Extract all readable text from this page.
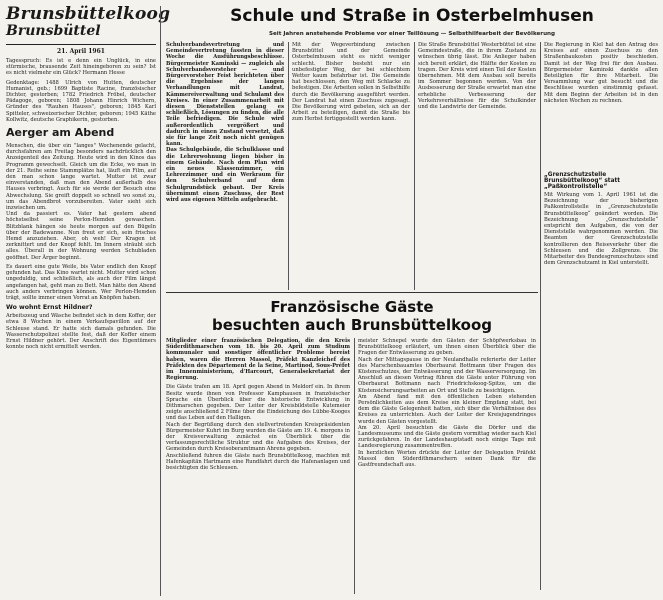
Brunsbüttelkoog
Brunsbüttel
21. April 1961

Tagesspruch: Es ist e denn ein Unglück, in eine stürmische, brausende Zeit hineingeboren zu sein? Ist es nicht vielmehr ein Glück? Hermann Hesse

Gedenktage: 1488 Ulrich von Hutten, deutscher Humanist, geb.; 1699 Baptiste Racine, französischer Dichter, gestorben; 1782 Friedrich Fröbel, deutscher Pädagoge, geboren; 1808 Johann Hinrich Wichern, Gründer des "Rauhen Hauses", geboren; 1845 Karl Spitteler, schweizerischer Dichter, geboren; 1945 Käthe Kollwitz, deutsche Graphikerin, gestorben.

Aerger am Abend

Menschen, die über ein "langes" Wochenende gelacht, durchsfahren am Freitag besonders nachdrücklich den Anzeigenteil des Zeitung. Heute wird in den Kinos das Programm gewechselt. Gleich um die Ecke, wo man in der 21. Reihe seine Stammplätze hat, läuft ein Film, auf den man schon lange wartet. Mutter ist zwar einverstanden, daß man den Abend außerhalb des Hauses verbringt. Auch für sie werde der Besuch eine Abwechslung. Sie greift doppelt so schnell wo sonst zu, um das Abendbrot vorzubereiten. Vater sieht sich inzwischen um.
Und da passiert es. Vater hat gestern abend höchstselbst seine Perlon-Hemden gewaschen. Blitzblank hängen sie heute morgen auf den Bügeln über der Badewanne. Nun freut er sich, sein frisches Hemd anzuziehen. Aber, oh weh! Der Kragen ist zerknittert und der Knopf fehlt. Im Innern sträubt sich alles. Überall in der Wohnung werden Schubladen geöffnet. Der Ärger beginnt.

Es dauert eine gute Weile, bis Vater endlich den Knopf gefunden hat. Das Kino wartet nicht. Mutter wird schon ungeduldig, und schließlich, als auch der Film längst angefangen hat, geht man zu Bett. Man hätte den Abend auch anders verbringen können. Wer Perlon-Hemden trägt, sollte immer einen Vorrat an Knöpfen haben.

Wo wohnt Ernst Hildner?

Arbeitszeug und Wäsche befindet sich in dem Koffer, der etwa 8 Wochen in einem Verkaufspavillon auf der Schleuse stand. Er hatte sich damals gefunden. Die Wasserschutzpolizei stellte fest, daß der Koffer einem Ernst Hildner gehört. Der Anschrift des Eigentümers konnte noch nicht ermittelt werden.

Schule und Straße in Osterbelmhusen
Seit Jahren anstehende Probleme vor einer Teillösung — Selbsthilfearbeit der Bevölkerung

Schulverbandsvertretung und Gemeindevertretung fassten in dieser Woche die Ausführungsbeschlüsse. Bürgermeister Kaminski — zugleich als Schulverbandsvorsteher — und Bürgervorsteher Feist berichteten über die Ergebnisse der langen Verhandlungen mit Landrat, Kämmereiverwaltung und Schulamt des Kreises. In einer Zusammenarbeit mit diesen Dienststellen gelang es schließlich, Lösungen zu finden, die alle Teile befriedigen. Die Schule wird außerordentlich vergrößert und dadurch in einen Zustand versetzt, daß sie für lange Zeit noch nicht genügen kann.
Das Schulgebäude, die Schulklasse und die Lehrerwohnung liegen bisher in einem Gebäude. Nach dem Plan wird ein neues Klassenzimmer, ein Lehrerzimmer und ein Werkraum für den Schulverband auf dem Schulgrundstück gebaut. Der Kreis übernimmt einen Zuschuss, der Rest wird aus eigenen Mitteln aufgebracht.

Mit der Wegeverbindung zwischen Brunsbüttel und der Gemeinde Osterbelmhusen steht es nicht weniger schlecht. Bisher besteht nur ein unbefestigter Weg, der bei schlechtem Wetter kaum befahrbar ist. Die Gemeinde hat beschlossen, den Weg mit Schlacke zu befestigen. Die Arbeiten sollen in Selbsthilfe durch die Bevölkerung ausgeführt werden. Der Landrat hat einen Zuschuss zugesagt. Die Bevölkerung wird gebeten, sich an der Arbeit zu beteiligen, damit die Straße bis zum Herbst fertiggestellt werden kann.

Die Straße Brunsbüttel Westerbüttel ist eine Gemeindestraße, die in ihrem Zustand zu wünschen übrig lässt. Die Anlieger haben sich bereit erklärt, die Hälfte der Kosten zu tragen. Der Kreis wird einen Teil der Kosten übernehmen. Mit dem Ausbau soll bereits im Sommer begonnen werden. Von der Ausbesserung der Straße erwartet man eine erhebliche Verbesserung der Verkehrsverhältnisse für die Schulkinder und die Landwirte der Gemeinde.

Die Regierung in Kiel hat den Antrag des Kreises auf einen Zuschuss zu den Straßenbaukosten positiv beschieden. Damit ist der Weg frei für den Ausbau. Bürgermeister Kaminski dankte allen Beteiligten für ihre Mitarbeit. Die Versammlung war gut besucht und die Beschlüsse wurden einstimmig gefasst. Mit dem Beginn der Arbeiten ist in den nächsten Wochen zu rechnen.

„Grenzschutzstelle Brunsbüttelkoog“ statt „Paßkontrollstelle“

Mit Wirkung vom 1. April 1961 ist die Bezeichnung der bisherigen Paßkontrollstelle in „Grenzschutzstelle Brunsbüttelkoog“ geändert worden. Die Bezeichnung „Grenzschutzstelle“ entspricht den Aufgaben, die von der Dienststelle wahrgenommen werden. Die Beamten der Grenzschutzstelle kontrollieren den Reiseverkehr über die Schleusen und die Zollgrenze. Die Mitarbeiter des Bundesgrenzschutzes sind dem Grenzschutzamt in Kiel unterstellt.

Französische Gäste
besuchten auch Brunsbüttelkoog

Mitglieder einer französischen Delegation, die den Kreis Süderdithmarschen vom 18. bis 20. April zum Studium kommunaler und sonstiger öffentlicher Probleme bereist haben, waren die Herren Massol, Präfekt Kanzleichef des Präfekten des Département de la Seine, Martinod, Sous-Préfet im Innenministerium, d'Harcourt, Generalsekretariat der Regierung.

Die Gäste trafen am 18. April gegen Abend in Meldorf ein. In ihrem Besitz wurde ihnen von Professor Kamphausen in französischer Sprache ein Überblick über die historische Entwicklung in Dithmarschen gegeben. Der Leiter der Kreisbildstelle Kutemeier zeigte anschließend 2 Filme über die Eindeichung des Lübbe-Kooges und das Leben auf den Halligen.
Nach der Begrüßung durch den stellvertretenden Kreispräsidenten Bürgermeister Kuhrt im Burg wurden die Gäste am 19. 4. morgens in der Kreisverwaltung zunächst ein Überblick über die verfassungsrechtliche Struktur und die Aufgaben des Kreises, der Gemeinden durch Kreisoberamtmann Ahrens gegeben.
Anschließend fuhren die Gäste nach Brunsbüttelkoog, machten mit Hafenkapitän Hartmann eine Rundfahrt durch die Hafenanlagen und besichtigten die Schleusen.

meister Schnepel wurde den Gästen der Schöpfwerksbau in Brunsbüttelkoog erläutert, um ihnen einen Überblick über die Fragen der Entwässerung zu geben.
Nach der Mittagspause in der Neulandhalle referierte der Leiter des Marschenbauamtes Oberbaurat Bottmann über Fragen des Küstenschutzes, der Entwässerung und der Wasserversorgung. Im Anschluß an diesen Vortrag führen die Gäste unter Führung von Oberbaurat Bottmann nach Friedrichskoog-Spitze, um die Küstensicherungsarbeiten an Ort und Stelle zu besichtigen.
Am Abend fand mit den öffentlichen Leben stehenden Persönlichkeiten aus dem Kreise ein kleiner Empfang statt, bei dem die Gäste Gelegenheit hatten, sich über die Verhältnisse des Kreises zu unterrichten. Auch der Leiter der Kreisjugendringes wurde den Gästen vorgestellt.
Am 20. April besuchten die Gäste die Dörfer und die Landesmuseums und die Gäste gestern vormittag wieder nach Kiel zurückgefahren. In der Landeshauptstadt noch einige Tage mit Landesregierung zusammentreffen.
In herzlichen Worten drückte der Leiter der Delegation Präfekt Massol den Süderdithmarschern seinen Dank für die Gastfreundschaft aus.
